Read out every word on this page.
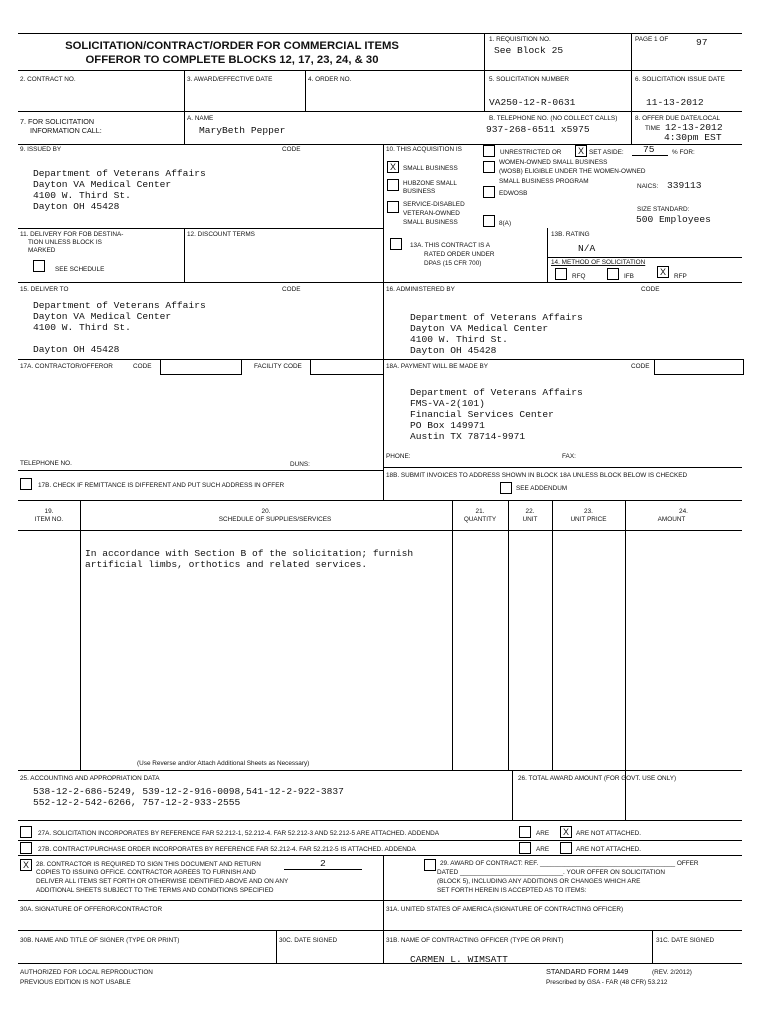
SOLICITATION/CONTRACT/ORDER FOR COMMERCIAL ITEMS
OFFEROR TO COMPLETE BLOCKS 12, 17, 23, 24, & 30
1. REQUISITION NO.
See Block 25
PAGE 1 OF	97
2. CONTRACT NO.	3. AWARD/EFFECTIVE DATE	4. ORDER NO.	5. SOLICITATION NUMBER
VA250-12-R-0631
6. SOLICITATION ISSUE DATE
11-13-2012
7. FOR SOLICITATION
INFORMATION CALL:
A. NAME
MaryBeth Pepper
B. TELEPHONE NO. (NO COLLECT CALLS)
937-268-6511 x5975
8. OFFER DUE DATE/LOCAL
TIME 12-13-2012
4:30pm EST
9. ISSUED BY	CODE
Department of Veterans Affairs
Dayton VA Medical Center
4100 W. Third St.
Dayton OH 45428
10. THIS ACQUISITION IS	UNRESTRICTED OR	X SET ASIDE: 75	% FOR:
X	SMALL BUSINESS
HUBZONE SMALL
BUSINESS
SERVICE-DISABLED
VETERAN-OWNED
SMALL BUSINESS
WOMEN-OWNED SMALL BUSINESS
(WOSB) ELIGIBLE UNDER THE WOMEN-OWNED
SMALL BUSINESS PROGRAM
EDWOSB
8(A)
NAICS: 339113
SIZE STANDARD:
500 Employees
11. DELIVERY FOR FOB DESTINA-
TION UNLESS BLOCK IS
MARKED
SEE SCHEDULE
12. DISCOUNT TERMS
13A. THIS CONTRACT IS A
RATED ORDER UNDER
DPAS (15 CFR 700)
13B. RATING
N/A
14. METHOD OF SOLICITATION
RFQ	IFB	X	RFP
15. DELIVER TO	CODE
Department of Veterans Affairs
Dayton VA Medical Center
4100 W. Third St.
Dayton OH 45428
16. ADMINISTERED BY	CODE
Department of Veterans Affairs
Dayton VA Medical Center
4100 W. Third St.
Dayton OH 45428
17A. CONTRACTOR/OFFEROR	CODE	FACILITY CODE
TELEPHONE NO.	DUNS:
17B. CHECK IF REMITTANCE IS DIFFERENT AND PUT SUCH ADDRESS IN OFFER
18A. PAYMENT WILL BE MADE BY	CODE
Department of Veterans Affairs
FMS-VA-2(101)
Financial Services Center
PO Box 149971
Austin TX 78714-9971
PHONE:	FAX:
18B. SUBMIT INVOICES TO ADDRESS SHOWN IN BLOCK 18A UNLESS BLOCK BELOW IS CHECKED
SEE ADDENDUM
19.
ITEM NO.
20.
SCHEDULE OF SUPPLIES/SERVICES
21.
QUANTITY
22.
UNIT
23.
UNIT PRICE
24.
AMOUNT
In accordance with Section B of the solicitation; furnish
artificial limbs, orthotics and related services.
(Use Reverse and/or Attach Additional Sheets as Necessary)
25. ACCOUNTING AND APPROPRIATION DATA
538-12-2-686-5249, 539-12-2-916-0098,541-12-2-922-3837
552-12-2-542-6266, 757-12-2-933-2555
26. TOTAL AWARD AMOUNT (FOR GOVT. USE ONLY)
27A. SOLICITATION INCORPORATES BY REFERENCE FAR 52.212-1, 52.212-4. FAR 52.212-3 AND 52.212-5 ARE ATTACHED. ADDENDA	ARE	X	ARE NOT ATTACHED.
27B. CONTRACT/PURCHASE ORDER INCORPORATES BY REFERENCE FAR 52.212-4. FAR 52.212-5 IS ATTACHED. ADDENDA	ARE	ARE NOT ATTACHED.
X	28. CONTRACTOR IS REQUIRED TO SIGN THIS DOCUMENT AND RETURN	2
COPIES TO ISSUING OFFICE. CONTRACTOR AGREES TO FURNISH AND
DELIVER ALL ITEMS SET FORTH OR OTHERWISE IDENTIFIED ABOVE AND ON ANY
ADDITIONAL SHEETS SUBJECT TO THE TERMS AND CONDITIONS SPECIFIED
29. AWARD OF CONTRACT: REF. ______________________________________ OFFER
DATED _____________________________. YOUR OFFER ON SOLICITATION
(BLOCK 5), INCLUDING ANY ADDITIONS OR CHANGES WHICH ARE
SET FORTH HEREIN IS ACCEPTED AS TO ITEMS:
30A. SIGNATURE OF OFFEROR/CONTRACTOR	31A. UNITED STATES OF AMERICA (SIGNATURE OF CONTRACTING OFFICER)
30B. NAME AND TITLE OF SIGNER (TYPE OR PRINT)	30C. DATE SIGNED	31B. NAME OF CONTRACTING OFFICER (TYPE OR PRINT)	31C. DATE SIGNED
CARMEN L. WIMSATT
AUTHORIZED FOR LOCAL REPRODUCTION
PREVIOUS EDITION IS NOT USABLE
STANDARD FORM 1449	(REV. 2/2012)
Prescribed by GSA - FAR (48 CFR) 53.212
